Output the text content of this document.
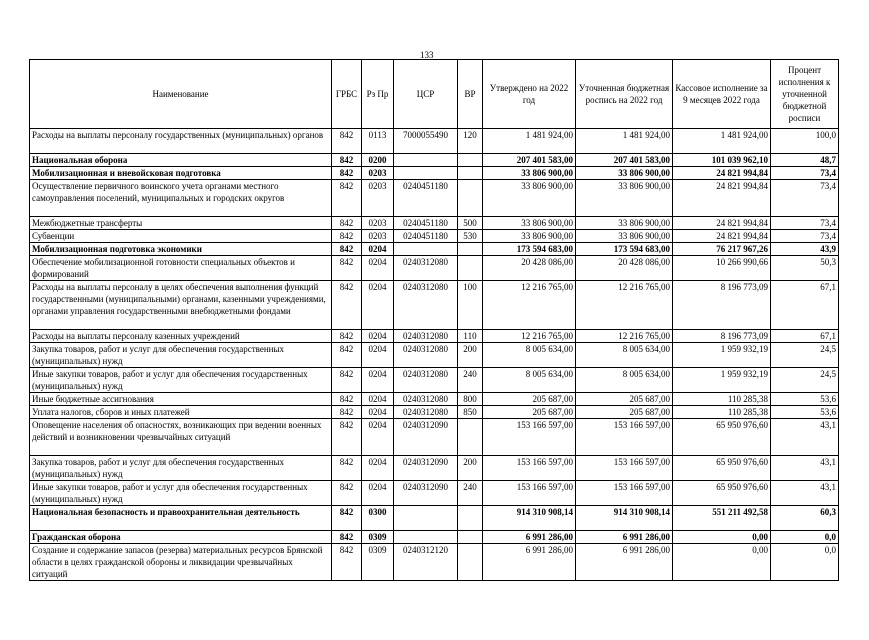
133
Наименование	ГРБС	Рз Пр	ЦСР	ВР	Утверждено на 2022 год	Уточненная бюджетная роспись на 2022 год	Кассовое исполнение за 9 месяцев 2022 года	Процент исполнения к уточненной бюджетной росписи
Расходы на выплаты персоналу государственных (муниципальных) органов	842	0113	7000055490	120	1 481 924,00	1 481 924,00	1 481 924,00	100,0
Национальная оборона	842	0200			207 401 583,00	207 401 583,00	101 039 962,10	48,7
Мобилизационная и вневойсковая подготовка	842	0203			33 806 900,00	33 806 900,00	24 821 994,84	73,4
Осуществление первичного воинского учета органами местного самоуправления поселений, муниципальных и городских округов	842	0203	0240451180		33 806 900,00	33 806 900,00	24 821 994,84	73,4
Межбюджетные трансферты	842	0203	0240451180	500	33 806 900,00	33 806 900,00	24 821 994,84	73,4
Субвенции	842	0203	0240451180	530	33 806 900,00	33 806 900,00	24 821 994,84	73,4
Мобилизационная подготовка экономики	842	0204			173 594 683,00	173 594 683,00	76 217 967,26	43,9
Обеспечение мобилизационной готовности специальных объектов и формирований	842	0204	0240312080		20 428 086,00	20 428 086,00	10 266 990,66	50,3
Расходы на выплаты персоналу в целях обеспечения выполнения функций государственными (муниципальными) органами, казенными учреждениями, органами управления государственными внебюджетными фондами	842	0204	0240312080	100	12 216 765,00	12 216 765,00	8 196 773,09	67,1
Расходы на выплаты персоналу казенных учреждений	842	0204	0240312080	110	12 216 765,00	12 216 765,00	8 196 773,09	67,1
Закупка товаров, работ и услуг для обеспечения государственных (муниципальных) нужд	842	0204	0240312080	200	8 005 634,00	8 005 634,00	1 959 932,19	24,5
Иные закупки товаров, работ и услуг для обеспечения государственных (муниципальных) нужд	842	0204	0240312080	240	8 005 634,00	8 005 634,00	1 959 932,19	24,5
Иные бюджетные ассигнования	842	0204	0240312080	800	205 687,00	205 687,00	110 285,38	53,6
Уплата налогов, сборов и иных платежей	842	0204	0240312080	850	205 687,00	205 687,00	110 285,38	53,6
Оповещение населения об опасностях, возникающих при ведении военных действий и возникновении чрезвычайных ситуаций	842	0204	0240312090		153 166 597,00	153 166 597,00	65 950 976,60	43,1
Закупка товаров, работ и услуг для обеспечения государственных (муниципальных) нужд	842	0204	0240312090	200	153 166 597,00	153 166 597,00	65 950 976,60	43,1
Иные закупки товаров, работ и услуг для обеспечения государственных (муниципальных) нужд	842	0204	0240312090	240	153 166 597,00	153 166 597,00	65 950 976,60	43,1
Национальная безопасность и правоохранительная деятельность	842	0300			914 310 908,14	914 310 908,14	551 211 492,58	60,3
Гражданская оборона	842	0309			6 991 286,00	6 991 286,00	0,00	0,0
Создание и содержание запасов (резерва) материальных ресурсов Брянской области в целях гражданской обороны и ликвидации чрезвычайных ситуаций	842	0309	0240312120		6 991 286,00	6 991 286,00	0,00	0,0
